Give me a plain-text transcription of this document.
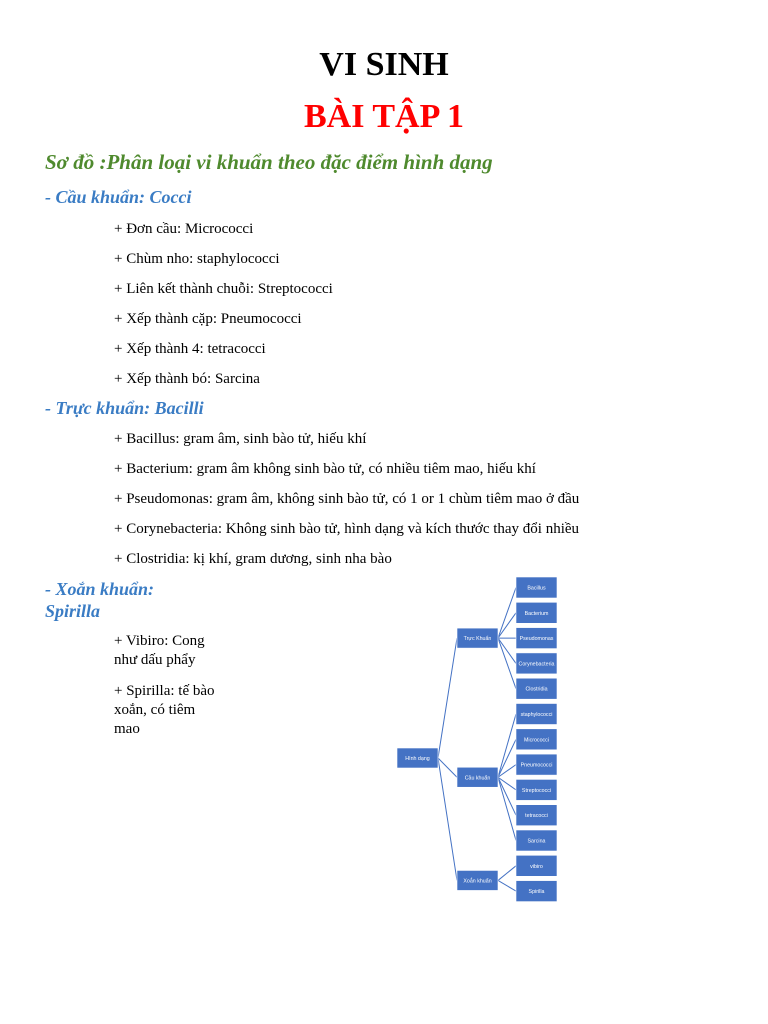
VI SINH
BÀI TẬP 1
Sơ đồ :Phân loại vi khuẩn theo đặc điểm hình dạng
- Cầu khuẩn: Cocci
+ Đơn cầu: Micrococci
+ Chùm nho: staphylococci
+ Liên kết thành chuỗi: Streptococci
+ Xếp thành cặp: Pneumococci
+ Xếp thành 4: tetracocci
+ Xếp thành bó: Sarcina
- Trực khuẩn: Bacilli
+ Bacillus: gram âm, sinh bào tử, hiếu khí
+ Bacterium: gram âm không sinh bào tử, có nhiều tiêm mao, hiếu khí
+ Pseudomonas: gram âm, không sinh bào tử, có 1 or 1 chùm tiêm mao ở đầu
+ Corynebacteria: Không sinh bào tử, hình dạng và kích thước thay đổi nhiều
+ Clostridia: kị khí, gram dương, sinh nha bào
- Xoắn khuẩn: Spirilla

+ Vibiro: Cong như dấu phẩy

+ Spirilla: tế bào xoắn, có tiêm mao

Hình dạng
Trực Khuẩn
Bacillus
Bacterium
Pseudomonas
Corynebacteria
Clostridia
Cầu khuẩn
staphylococci
Micrococci
Pneumococci
Streptococci
tetracocci
Sarcina
Xoắn khuẩn
vibiro
Spirilla
